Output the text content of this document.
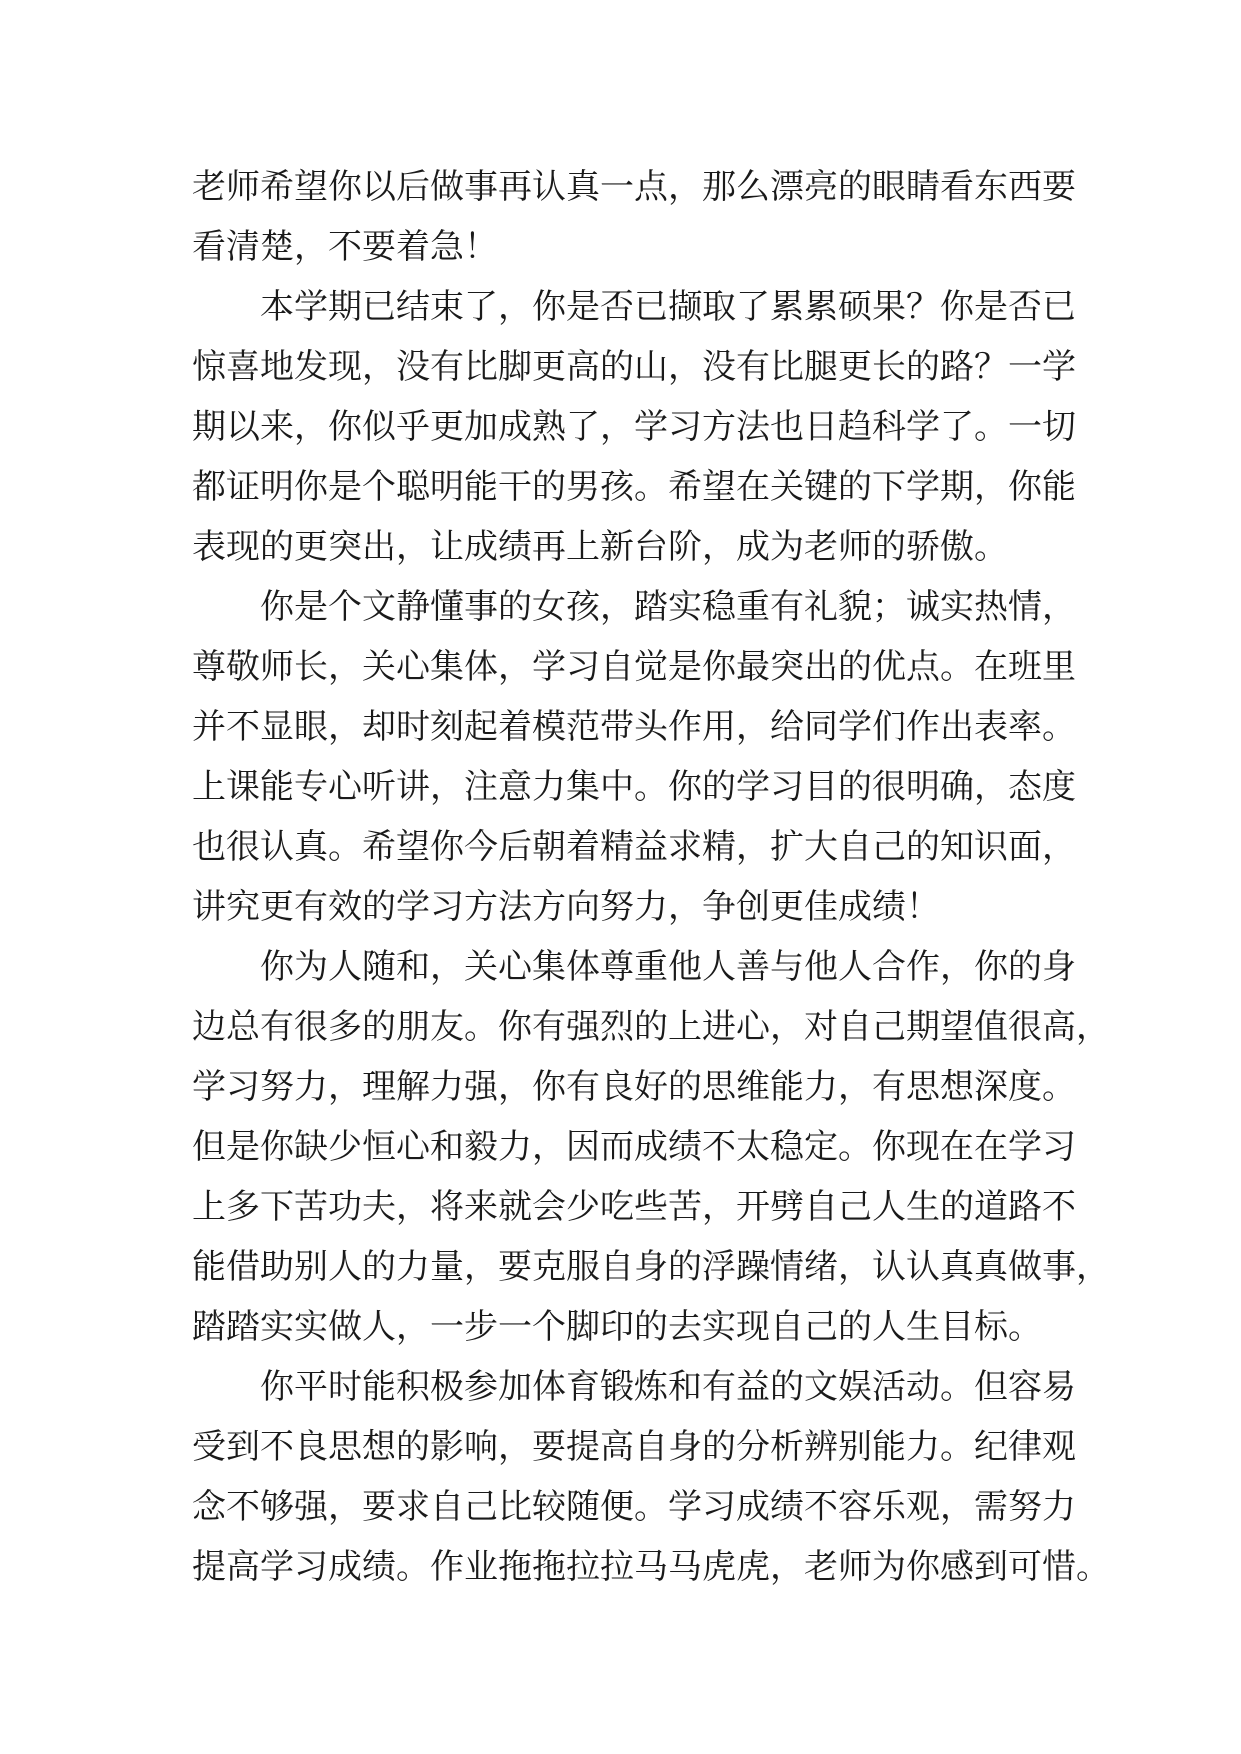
老师希望你以后做事再认真一点，那么漂亮的眼睛看东西要
看清楚，不要着急！
本学期已结束了，你是否已撷取了累累硕果？你是否已
惊喜地发现，没有比脚更高的山，没有比腿更长的路？一学
期以来，你似乎更加成熟了，学习方法也日趋科学了。一切
都证明你是个聪明能干的男孩。希望在关键的下学期，你能
表现的更突出，让成绩再上新台阶，成为老师的骄傲。
你是个文静懂事的女孩，踏实稳重有礼貌；诚实热情，
尊敬师长，关心集体，学习自觉是你最突出的优点。在班里
并不显眼，却时刻起着模范带头作用，给同学们作出表率。
上课能专心听讲，注意力集中。你的学习目的很明确，态度
也很认真。希望你今后朝着精益求精，扩大自己的知识面，
讲究更有效的学习方法方向努力，争创更佳成绩！
你为人随和，关心集体尊重他人善与他人合作，你的身
边总有很多的朋友。你有强烈的上进心，对自己期望值很高，
学习努力，理解力强，你有良好的思维能力，有思想深度。
但是你缺少恒心和毅力，因而成绩不太稳定。你现在在学习
上多下苦功夫，将来就会少吃些苦，开劈自己人生的道路不
能借助别人的力量，要克服自身的浮躁情绪，认认真真做事，
踏踏实实做人，一步一个脚印的去实现自己的人生目标。
你平时能积极参加体育锻炼和有益的文娱活动。但容易
受到不良思想的影响，要提高自身的分析辨别能力。纪律观
念不够强，要求自己比较随便。学习成绩不容乐观，需努力
提高学习成绩。作业拖拖拉拉马马虎虎，老师为你感到可惜。
